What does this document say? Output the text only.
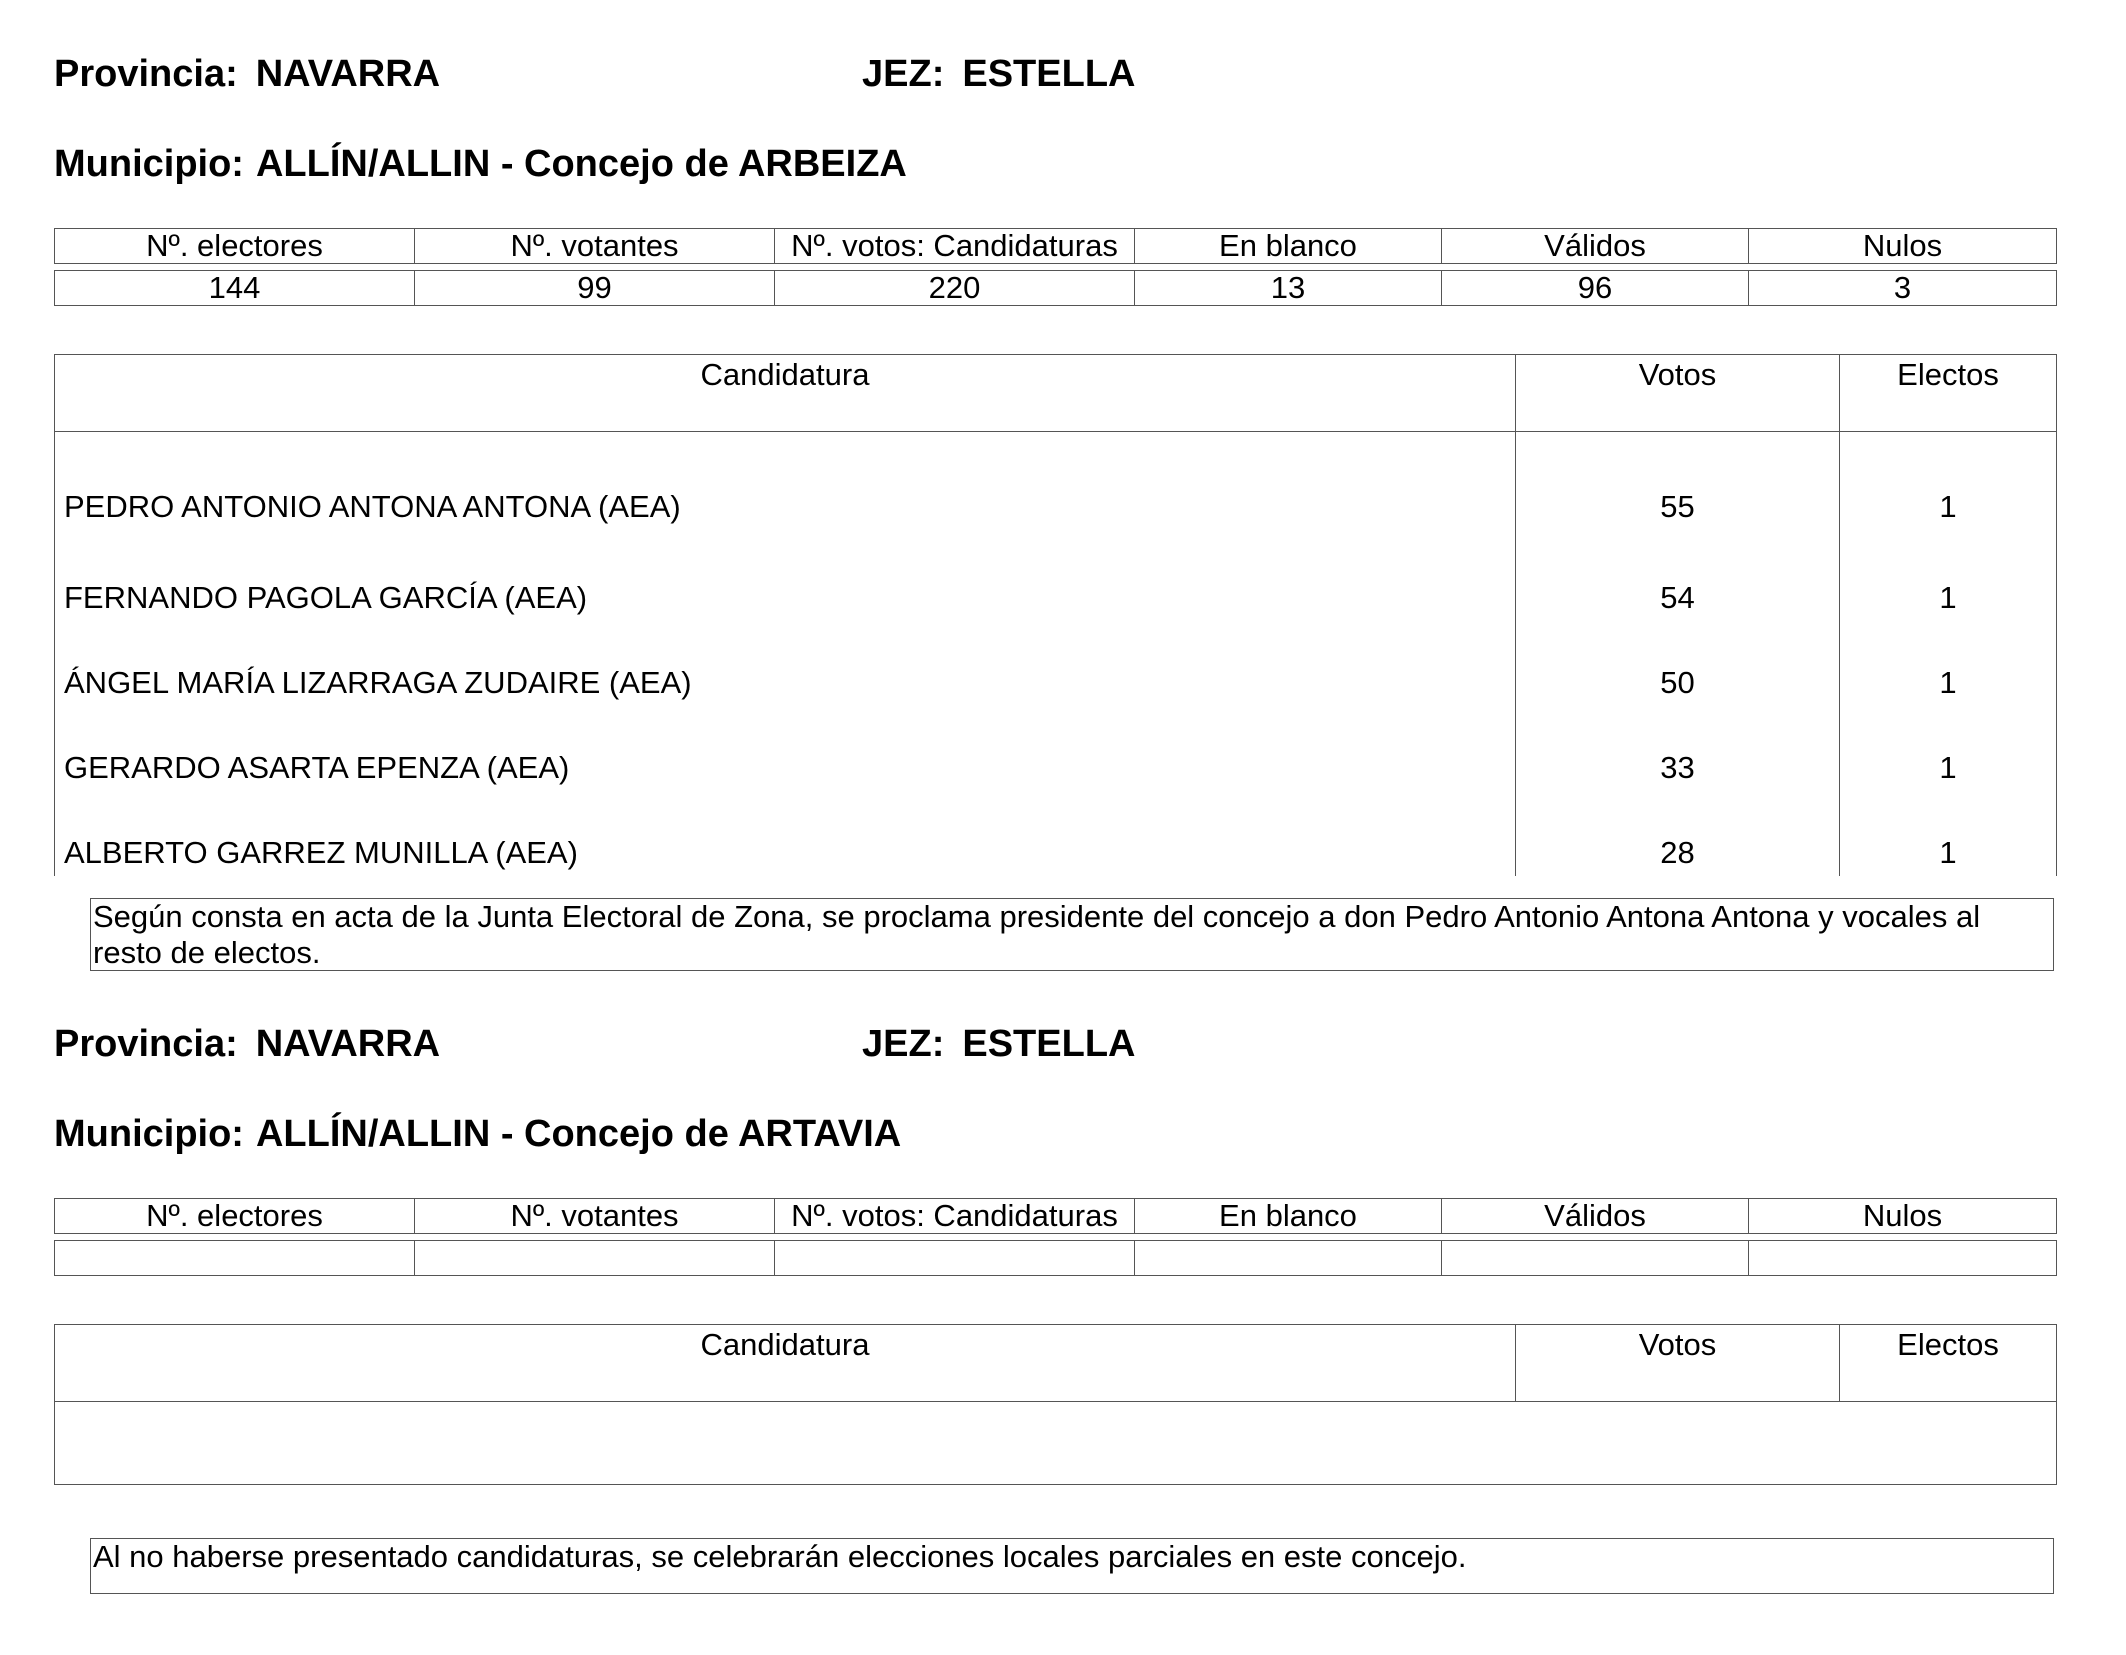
Provincia: NAVARRA	JEZ: ESTELLA
Municipio: ALLÍN/ALLIN - Concejo de ARBEIZA
Nº. electores	Nº. votantes	Nº. votos: Candidaturas	En blanco	Válidos	Nulos
144	99	220	13	96	3
Candidatura	Votos	Electos
PEDRO ANTONIO ANTONA ANTONA (AEA)	55	1
FERNANDO PAGOLA GARCÍA (AEA)	54	1
ÁNGEL MARÍA LIZARRAGA ZUDAIRE (AEA)	50	1
GERARDO ASARTA EPENZA (AEA)	33	1
ALBERTO GARREZ MUNILLA (AEA)	28	1
Según consta en acta de la Junta Electoral de Zona, se proclama presidente del concejo a don Pedro Antonio Antona Antona y vocales al resto de electos.
Provincia: NAVARRA	JEZ: ESTELLA
Municipio: ALLÍN/ALLIN - Concejo de ARTAVIA
Nº. electores	Nº. votantes	Nº. votos: Candidaturas	En blanco	Válidos	Nulos

Candidatura	Votos	Electos

Al no haberse presentado candidaturas, se celebrarán elecciones locales parciales en este concejo.
